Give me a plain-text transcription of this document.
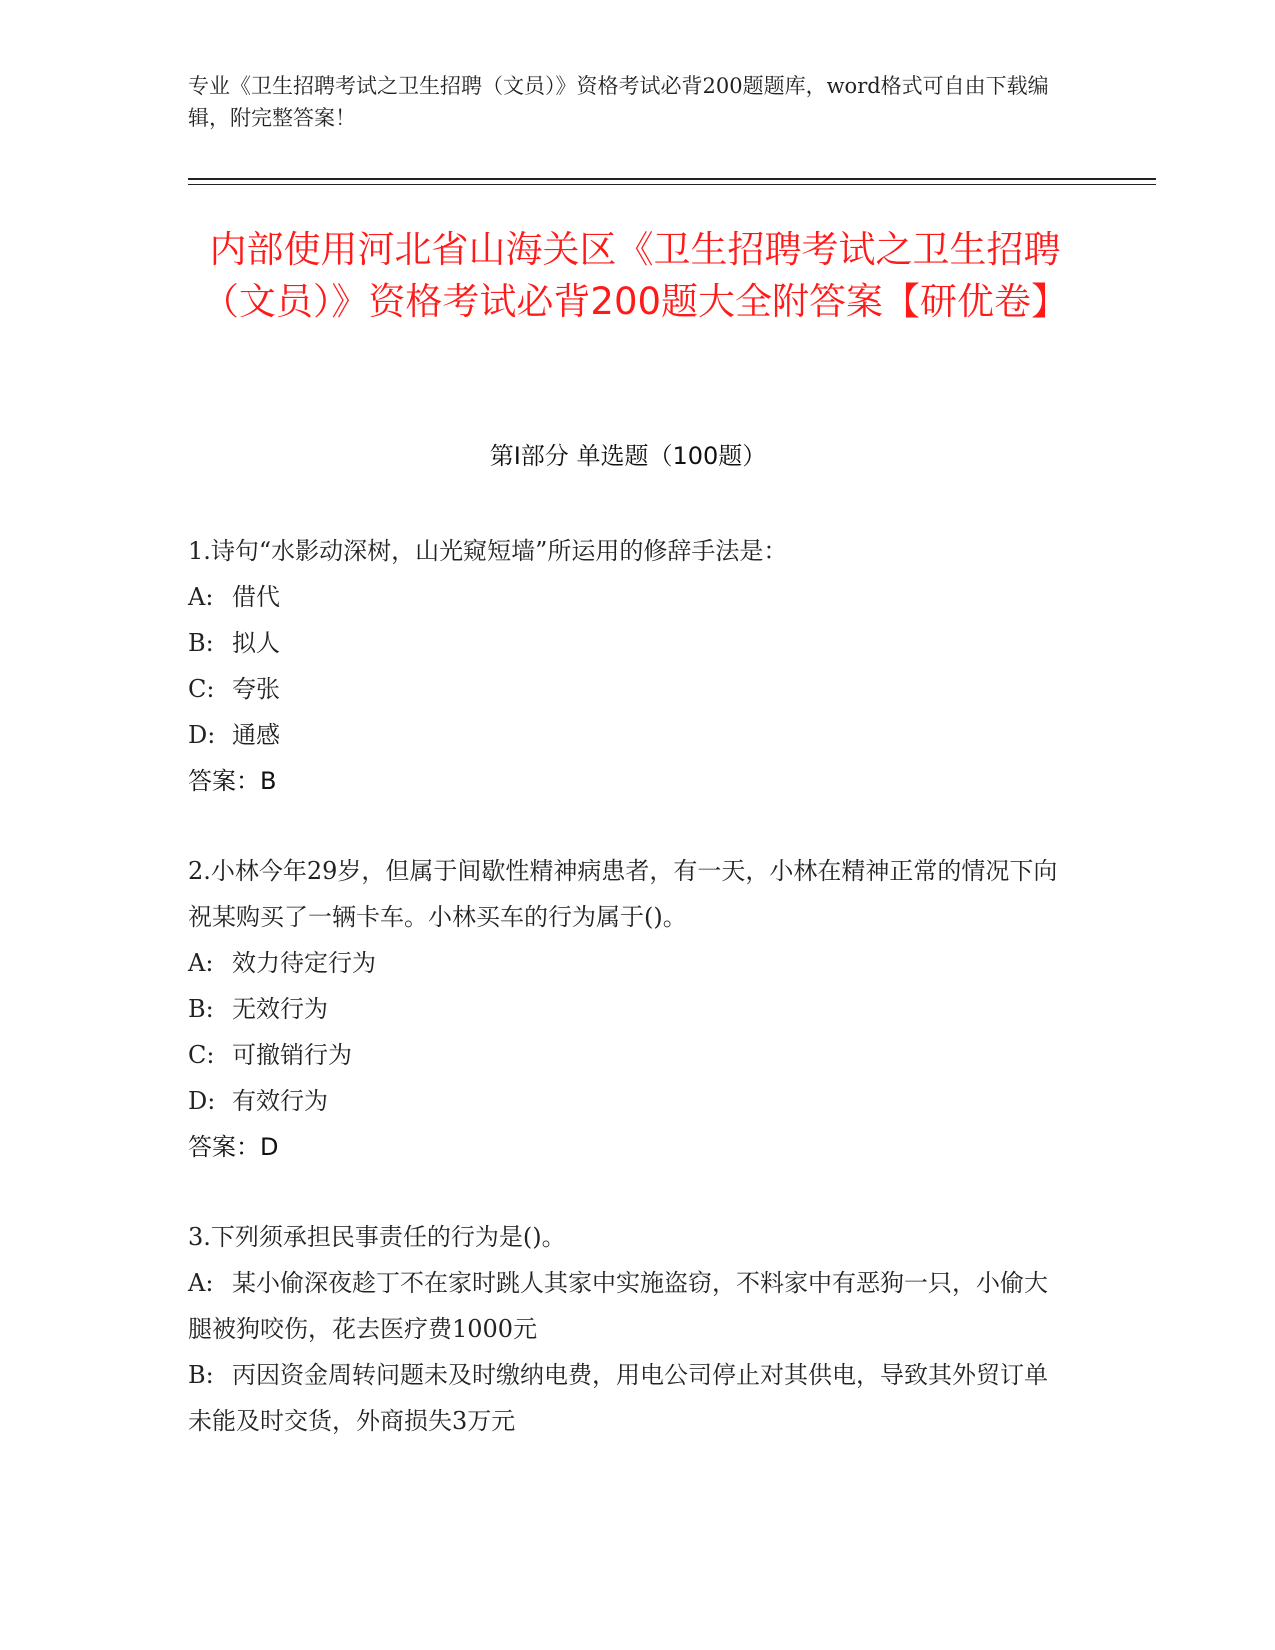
专业《卫生招聘考试之卫生招聘（文员）》资格考试必背200题题库，word格式可自由下载编辑，附完整答案！
内部使用河北省山海关区《卫生招聘考试之卫生招聘（文员）》资格考试必背200题大全附答案【研优卷】
第Ⅰ部分 单选题（100题）

1.诗句“水影动深树，山光窥短墙”所运用的修辞手法是：

A: 借代

B: 拟人

C: 夸张

D: 通感

答案：B

2.小林今年29岁，但属于间歇性精神病患者，有一天，小林在精神正常的情况下向祝某购买了一辆卡车。小林买车的行为属于()。

A: 效力待定行为

B: 无效行为

C: 可撤销行为

D: 有效行为

答案：D

3.下列须承担民事责任的行为是()。

A: 某小偷深夜趁丁不在家时跳人其家中实施盗窃，不料家中有恶狗一只，小偷大腿被狗咬伤，花去医疗费1000元

B: 丙因资金周转问题未及时缴纳电费，用电公司停止对其供电，导致其外贸订单未能及时交货，外商损失3万元
